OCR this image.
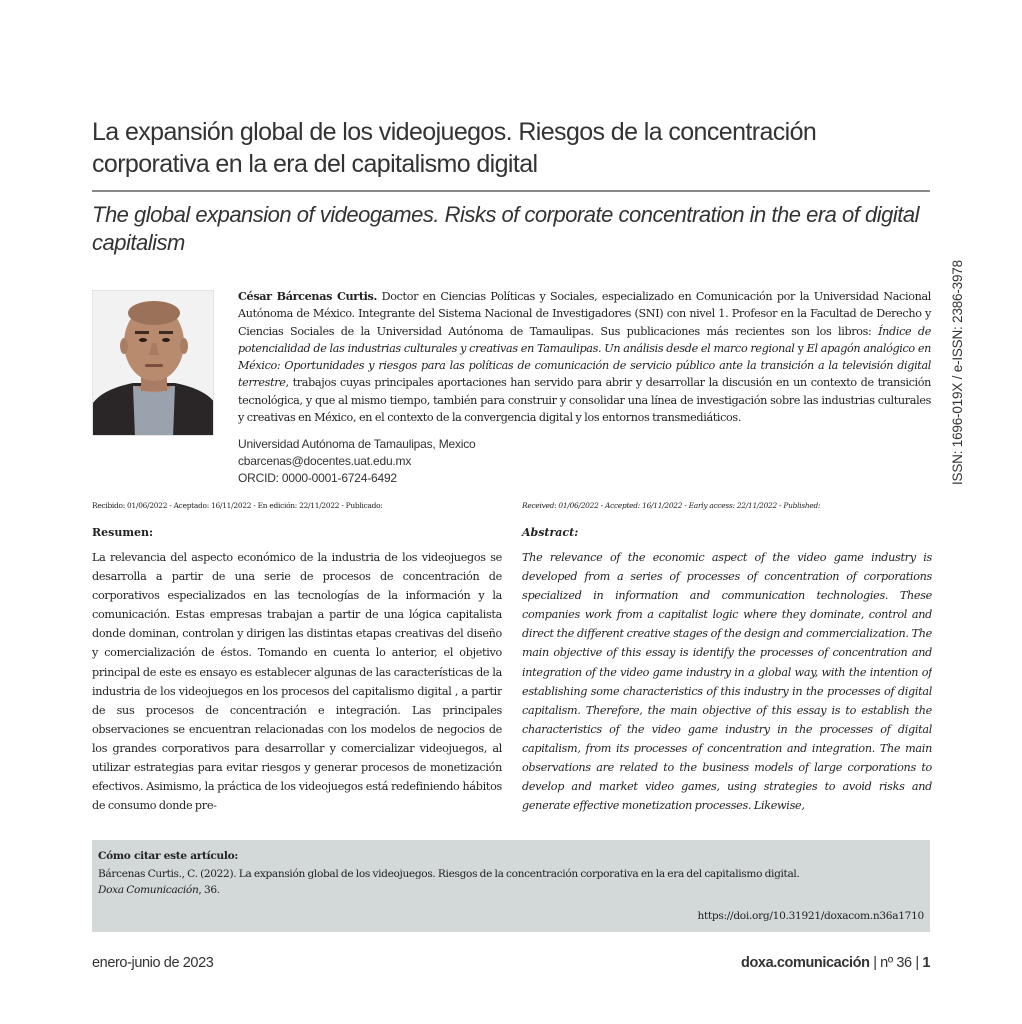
La expansión global de los videojuegos. Riesgos de la concentración corporativa en la era del capitalismo digital
The global expansion of videogames. Risks of corporate concentration in the era of digital capitalism
ISSN: 1696-019X / e-ISSN: 2386-3978
César Bárcenas Curtis. Doctor en Ciencias Políticas y Sociales, especializado en Comunicación por la Universidad Nacional Autónoma de México. Integrante del Sistema Nacional de Investigadores (SNI) con nivel 1. Profesor en la Facultad de Derecho y Ciencias Sociales de la Universidad Autónoma de Tamaulipas. Sus publicaciones más recientes son los libros: Índice de potencialidad de las industrias culturales y creativas en Tamaulipas. Un análisis desde el marco regional y El apagón analógico en México: Oportunidades y riesgos para las políticas de comunicación de servicio público ante la transición a la televisión digital terrestre, trabajos cuyas principales aportaciones han servido para abrir y desarrollar la discusión en un contexto de transición tecnológica, y que al mismo tiempo, también para construir y consolidar una línea de investigación sobre las industrias culturales y creativas en México, en el contexto de la convergencia digital y los entornos transmediáticos.
Universidad Autónoma de Tamaulipas, Mexico
cbarcenas@docentes.uat.edu.mx
ORCID: 0000-0001-6724-6492
Recibido: 01/06/2022 - Aceptado: 16/11/2022 - En edición: 22/11/2022 - Publicado:	Received: 01/06/2022 - Accepted: 16/11/2022 - Early access: 22/11/2022 - Published:
Resumen:	Abstract:

La relevancia del aspecto económico de la industria de los videojuegos se desarrolla a partir de una serie de procesos de concentración de corporativos especializados en las tecnologías de la información y la comunicación. Estas empresas trabajan a partir de una lógica capitalista donde dominan, controlan y dirigen las distintas etapas creativas del diseño y comercialización de éstos. Tomando en cuenta lo anterior, el objetivo principal de este es ensayo es establecer algunas de las características de la industria de los videojuegos en los procesos del capitalismo digital , a partir de sus procesos de concentración e integración. Las principales observaciones se encuentran relacionadas con los modelos de negocios de los grandes corporativos para desarrollar y comercializar videojuegos, al utilizar estrategias para evitar riesgos y generar procesos de monetización efectivos. Asimismo, la práctica de los videojuegos está redefiniendo hábitos de consumo donde pre-

The relevance of the economic aspect of the video game industry is developed from a series of processes of concentration of corporations specialized in information and communication technologies. These companies work from a capitalist logic where they dominate, control and direct the different creative stages of the design and commercialization. The main objective of this essay is identify the processes of concentration and integration of the video game industry in a global way, with the intention of establishing some characteristics of this industry in the processes of digital capitalism. Therefore, the main objective of this essay is to establish the characteristics of the video game industry in the processes of digital capitalism, from its processes of concentration and integration. The main observations are related to the business models of large corporations to develop and market video games, using strategies to avoid risks and generate effective monetization processes. Likewise,

Cómo citar este artículo:

Bárcenas Curtis., C. (2022). La expansión global de los videojuegos. Riesgos de la concentración corporativa en la era del capitalismo digital.
Doxa Comunicación, 36.

https://doi.org/10.31921/doxacom.n36a1710
enero-junio de 2023	doxa.comunicación | nº 36 | 1
